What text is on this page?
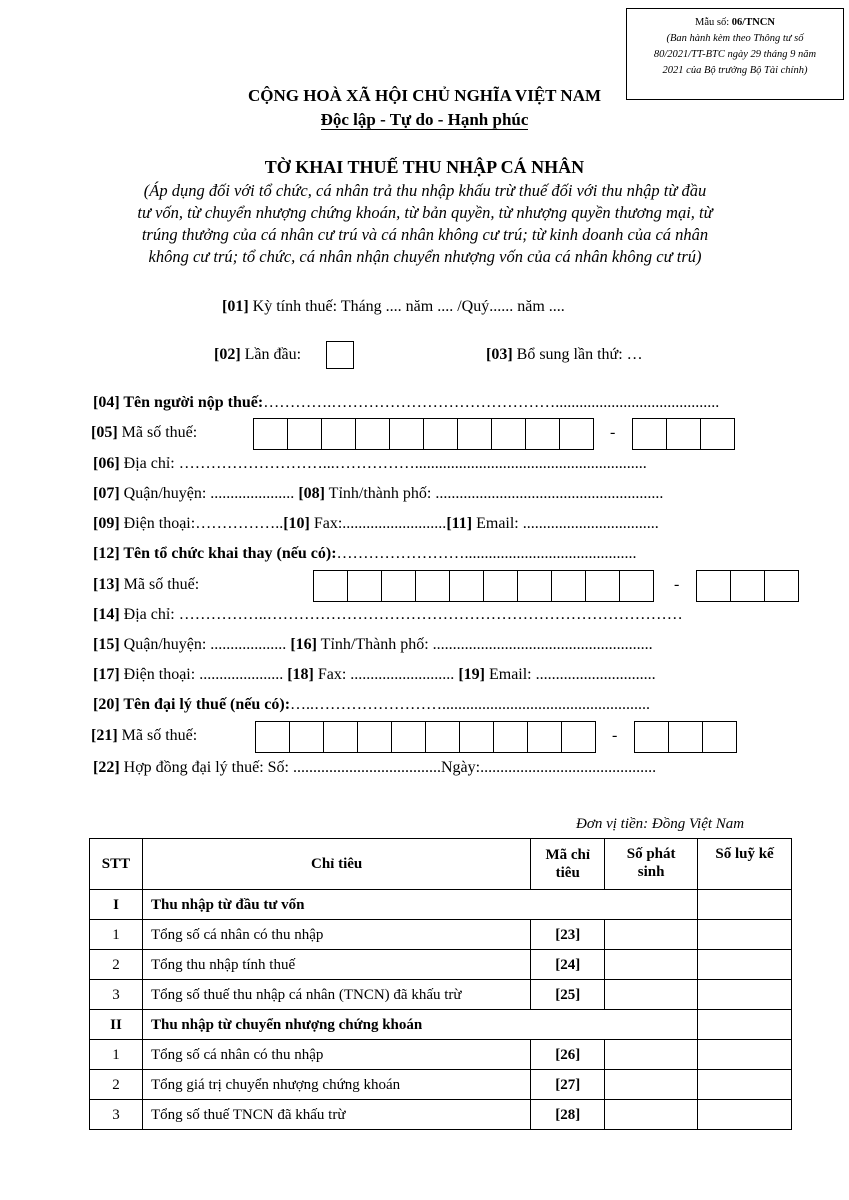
Mẫu số: 06/TNCN
(Ban hành kèm theo Thông tư số
80/2021/TT-BTC ngày 29 tháng 9 năm
2021 của Bộ trưởng Bộ Tài chính)
CỘNG HOÀ XÃ HỘI CHỦ NGHĨA VIỆT NAM
Độc lập - Tự do - Hạnh phúc
TỜ KHAI THUẾ THU NHẬP CÁ NHÂN
(Áp dụng đối với tổ chức, cá nhân trả thu nhập khấu trừ thuế đối với thu nhập từ đầu
tư vốn, từ chuyển nhượng chứng khoán, từ bản quyền, từ nhượng quyền thương mại, từ
trúng thưởng của cá nhân cư trú và cá nhân không cư trú; từ kinh doanh của cá nhân
không cư trú; tổ chức, cá nhân nhận chuyển nhượng vốn của cá nhân không cư trú)
[01] Kỳ tính thuế: Tháng .... năm .... /Quý...... năm ....
[02] Lần đầu:	[03] Bổ sung lần thứ: …
[04] Tên người nộp thuế:………….…………………………………….........................................
[05] Mã số thuế:	-
[06] Địa chỉ: ………………………...……………..........................................................
[07] Quận/huyện: ..................... [08] Tỉnh/thành phố: .........................................................
[09] Điện thoại:……………..[10] Fax:..........................[11] Email: ..................................
[12] Tên tổ chức khai thay (nếu có):……………………...........................................
[13] Mã số thuế:	-
[14] Địa chỉ: ……………..……………………………………………………………………
[15] Quận/huyện: ................... [16] Tỉnh/Thành phố: .......................................................
[17] Điện thoại: ..................... [18] Fax: .......................... [19] Email: ..............................
[20] Tên đại lý thuế (nếu có):…..……………………....................................................
[21] Mã số thuế:	-
[22] Hợp đồng đại lý thuế: Số: .....................................Ngày:............................................
Đơn vị tiền: Đồng Việt Nam
STT	Chỉ tiêu	Mã chỉ tiêu	Số phát sinh	Số luỹ kế
I	Thu nhập từ đầu tư vốn			
1	Tổng số cá nhân có thu nhập	[23]		
2	Tổng thu nhập tính thuế	[24]		
3	Tổng số thuế thu nhập cá nhân (TNCN) đã khấu trừ	[25]		
II	Thu nhập từ chuyển nhượng chứng khoán			
1	Tổng số cá nhân có thu nhập	[26]		
2	Tổng giá trị chuyển nhượng chứng khoán	[27]		
3	Tổng số thuế TNCN đã khấu trừ	[28]		
